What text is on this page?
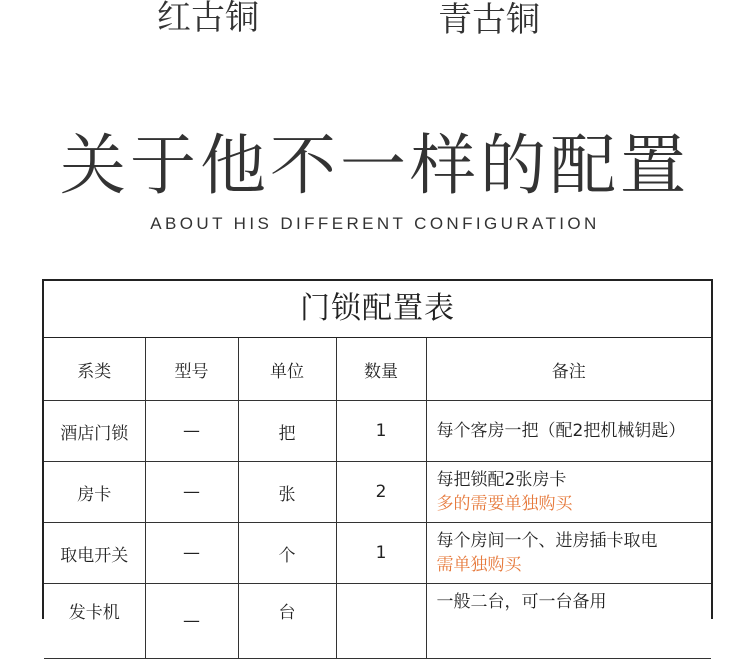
红古铜	青古铜
关于他不一样的配置
ABOUT HIS DIFFERENT CONFIGURATION
门锁配置表
系类	型号	单位	数量	备注
酒店门锁	—	把	1	每个客房一把（配2把机械钥匙）

房卡	—	张	2	每把锁配2张房卡
多的需要单独购买

取电开关	—	个	1	每个房间一个、进房插卡取电
需单独购买

发卡机	—	台		一般二台，可一台备用
